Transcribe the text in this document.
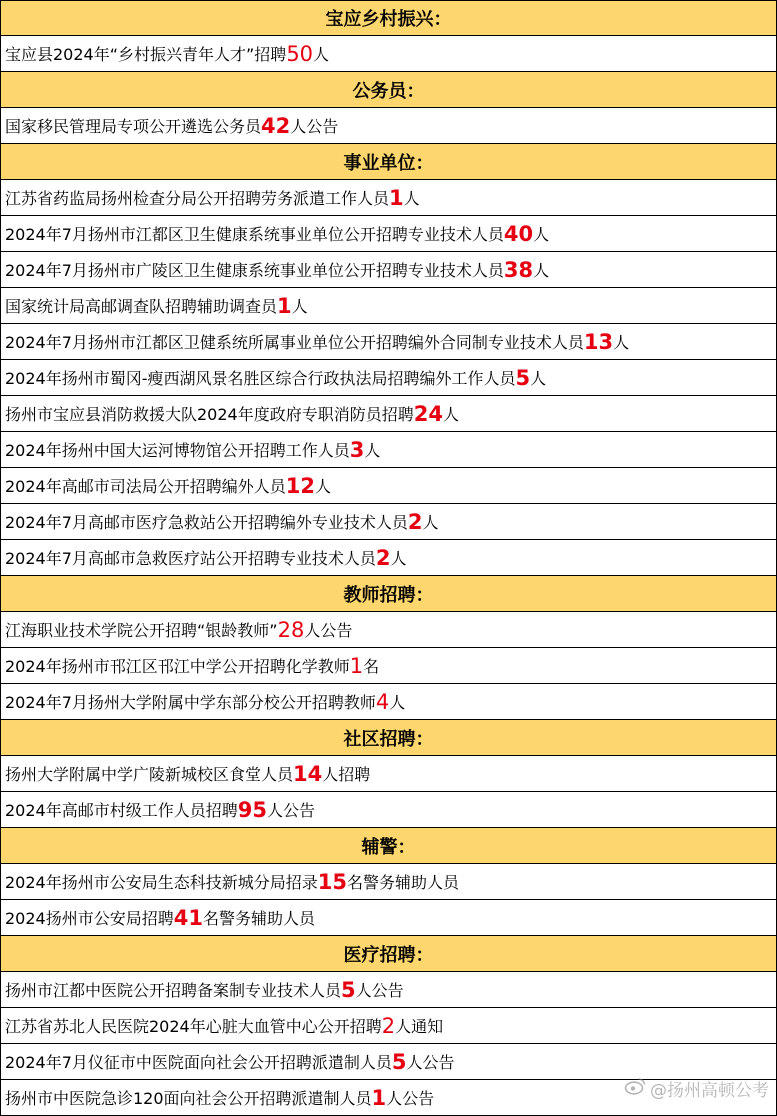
宝应乡村振兴：
宝应县2024年“乡村振兴青年人才”招聘 50 人
公务员：
国家移民管理局专项公开遴选公务员 42 人公告
事业单位：
江苏省药监局扬州检查分局公开招聘劳务派遣工作人员 1 人
2024年7月扬州市江都区卫生健康系统事业单位公开招聘专业技术人员 40 人
2024年7月扬州市广陵区卫生健康系统事业单位公开招聘专业技术人员 38 人
国家统计局高邮调查队招聘辅助调查员 1 人
2024年7月扬州市江都区卫健系统所属事业单位公开招聘编外合同制专业技术人员 13 人
2024年扬州市蜀冈-瘦西湖风景名胜区综合行政执法局招聘编外工作人员 5 人
扬州市宝应县消防救援大队2024年度政府专职消防员招聘 24 人
2024年扬州中国大运河博物馆公开招聘工作人员 3 人
2024年高邮市司法局公开招聘编外人员 12 人
2024年7月高邮市医疗急救站公开招聘编外专业技术人员 2 人
2024年7月高邮市急救医疗站公开招聘专业技术人员 2 人
教师招聘：
江海职业技术学院公开招聘“银龄教师” 28 人公告
2024年扬州市邗江区邗江中学公开招聘化学教师 1 名
2024年7月扬州大学附属中学东部分校公开招聘教师 4 人
社区招聘：
扬州大学附属中学广陵新城校区食堂人员 14 人招聘
2024年高邮市村级工作人员招聘 95 人公告
辅警：
2024年扬州市公安局生态科技新城分局招录 15 名警务辅助人员
2024扬州市公安局招聘 41 名警务辅助人员
医疗招聘：
扬州市江都中医院公开招聘备案制专业技术人员 5 人公告
江苏省苏北人民医院2024年心脏大血管中心公开招聘 2 人通知
2024年7月仪征市中医院面向社会公开招聘派遣制人员 5 人公告
扬州市中医院急诊120面向社会公开招聘派遣制人员 1 人公告	@扬州高顿公考
